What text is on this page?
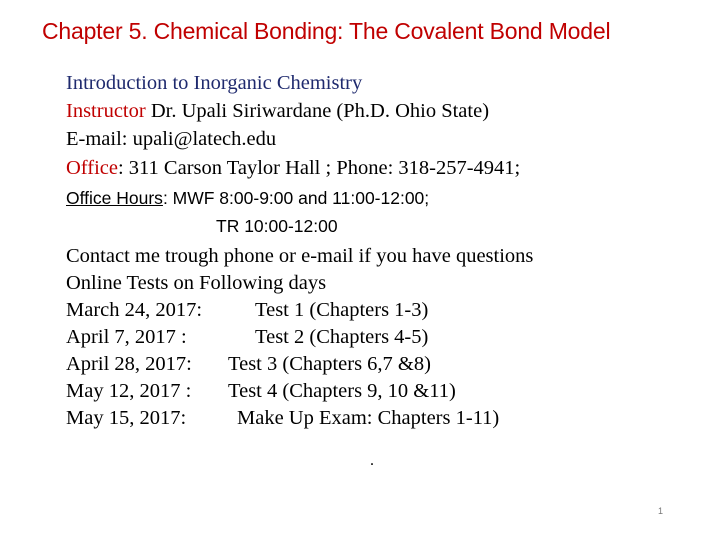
Chapter 5. Chemical Bonding: The Covalent Bond Model
Introduction to Inorganic Chemistry
Instructor Dr. Upali Siriwardane (Ph.D. Ohio State)
E-mail: upali@latech.edu
Office: 311 Carson Taylor Hall ; Phone: 318-257-4941;
Office Hours: MWF 8:00-9:00 and 11:00-12:00;
TR 10:00-12:00
Contact me trough phone or e-mail if you have questions
Online Tests on Following days
March 24, 2017:	Test 1 (Chapters 1-3)
April 7, 2017 :	Test 2 (Chapters 4-5)
April 28, 2017: Test 3 (Chapters 6,7 &8)
May 12, 2017 : Test 4 (Chapters 9, 10 &11)
May 15, 2017: Make Up Exam: Chapters 1-11)
.
1
